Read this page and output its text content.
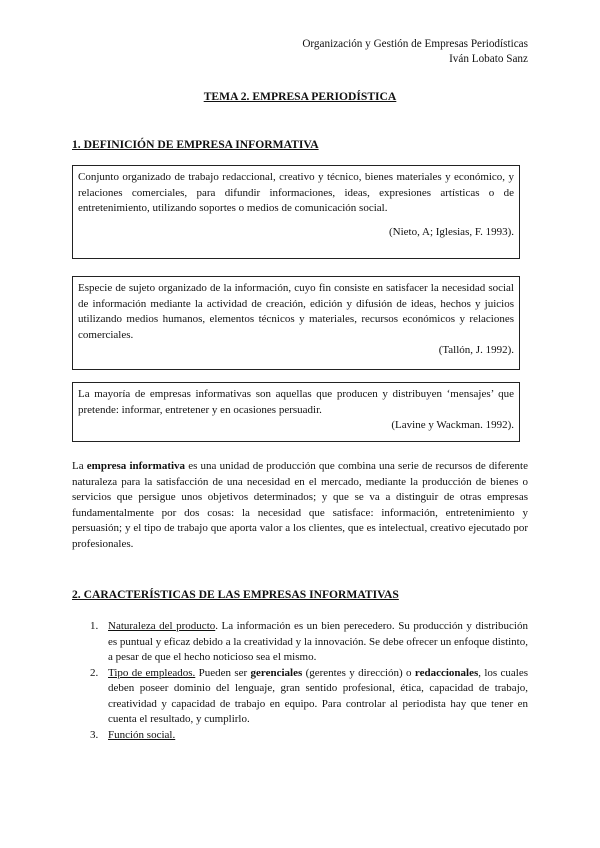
Organización y Gestión de Empresas Periodísticas
Iván Lobato Sanz
TEMA 2. EMPRESA PERIODÍSTICA
1. DEFINICIÓN DE EMPRESA INFORMATIVA
Conjunto organizado de trabajo redaccional, creativo y técnico, bienes materiales y económico, y relaciones comerciales, para difundir informaciones, ideas, expresiones artísticas o de entretenimiento, utilizando soportes o medios de comunicación social.
(Nieto, A; Iglesias, F. 1993).
Especie de sujeto organizado de la información, cuyo fin consiste en satisfacer la necesidad social de información mediante la actividad de creación, edición y difusión de ideas, hechos y juicios utilizando medios humanos, elementos técnicos y materiales, recursos económicos y relaciones comerciales.
(Tallón, J. 1992).
La mayoría de empresas informativas son aquellas que producen y distribuyen ‘mensajes’ que pretende: informar, entretener y en ocasiones persuadir.
(Lavine y Wackman. 1992).
La empresa informativa es una unidad de producción que combina una serie de recursos de diferente naturaleza para la satisfacción de una necesidad en el mercado, mediante la producción de bienes o servicios que persigue unos objetivos determinados; y que se va a distinguir de otras empresas fundamentalmente por dos cosas: la necesidad que satisface: información, entretenimiento y persuasión; y el tipo de trabajo que aporta valor a los clientes, que es intelectual, creativo ejecutado por profesionales.
2. CARACTERÍSTICAS DE LAS EMPRESAS INFORMATIVAS
1. Naturaleza del producto. La información es un bien perecedero. Su producción y distribución es puntual y eficaz debido a la creatividad y la innovación. Se debe ofrecer un enfoque distinto, a pesar de que el hecho noticioso sea el mismo.
2. Tipo de empleados. Pueden ser gerenciales (gerentes y dirección) o redaccionales, los cuales deben poseer dominio del lenguaje, gran sentido profesional, ética, capacidad de trabajo, creatividad y capacidad de trabajo en equipo. Para controlar al periodista hay que tener en cuenta el resultado, y cumplirlo.
3. Función social.
